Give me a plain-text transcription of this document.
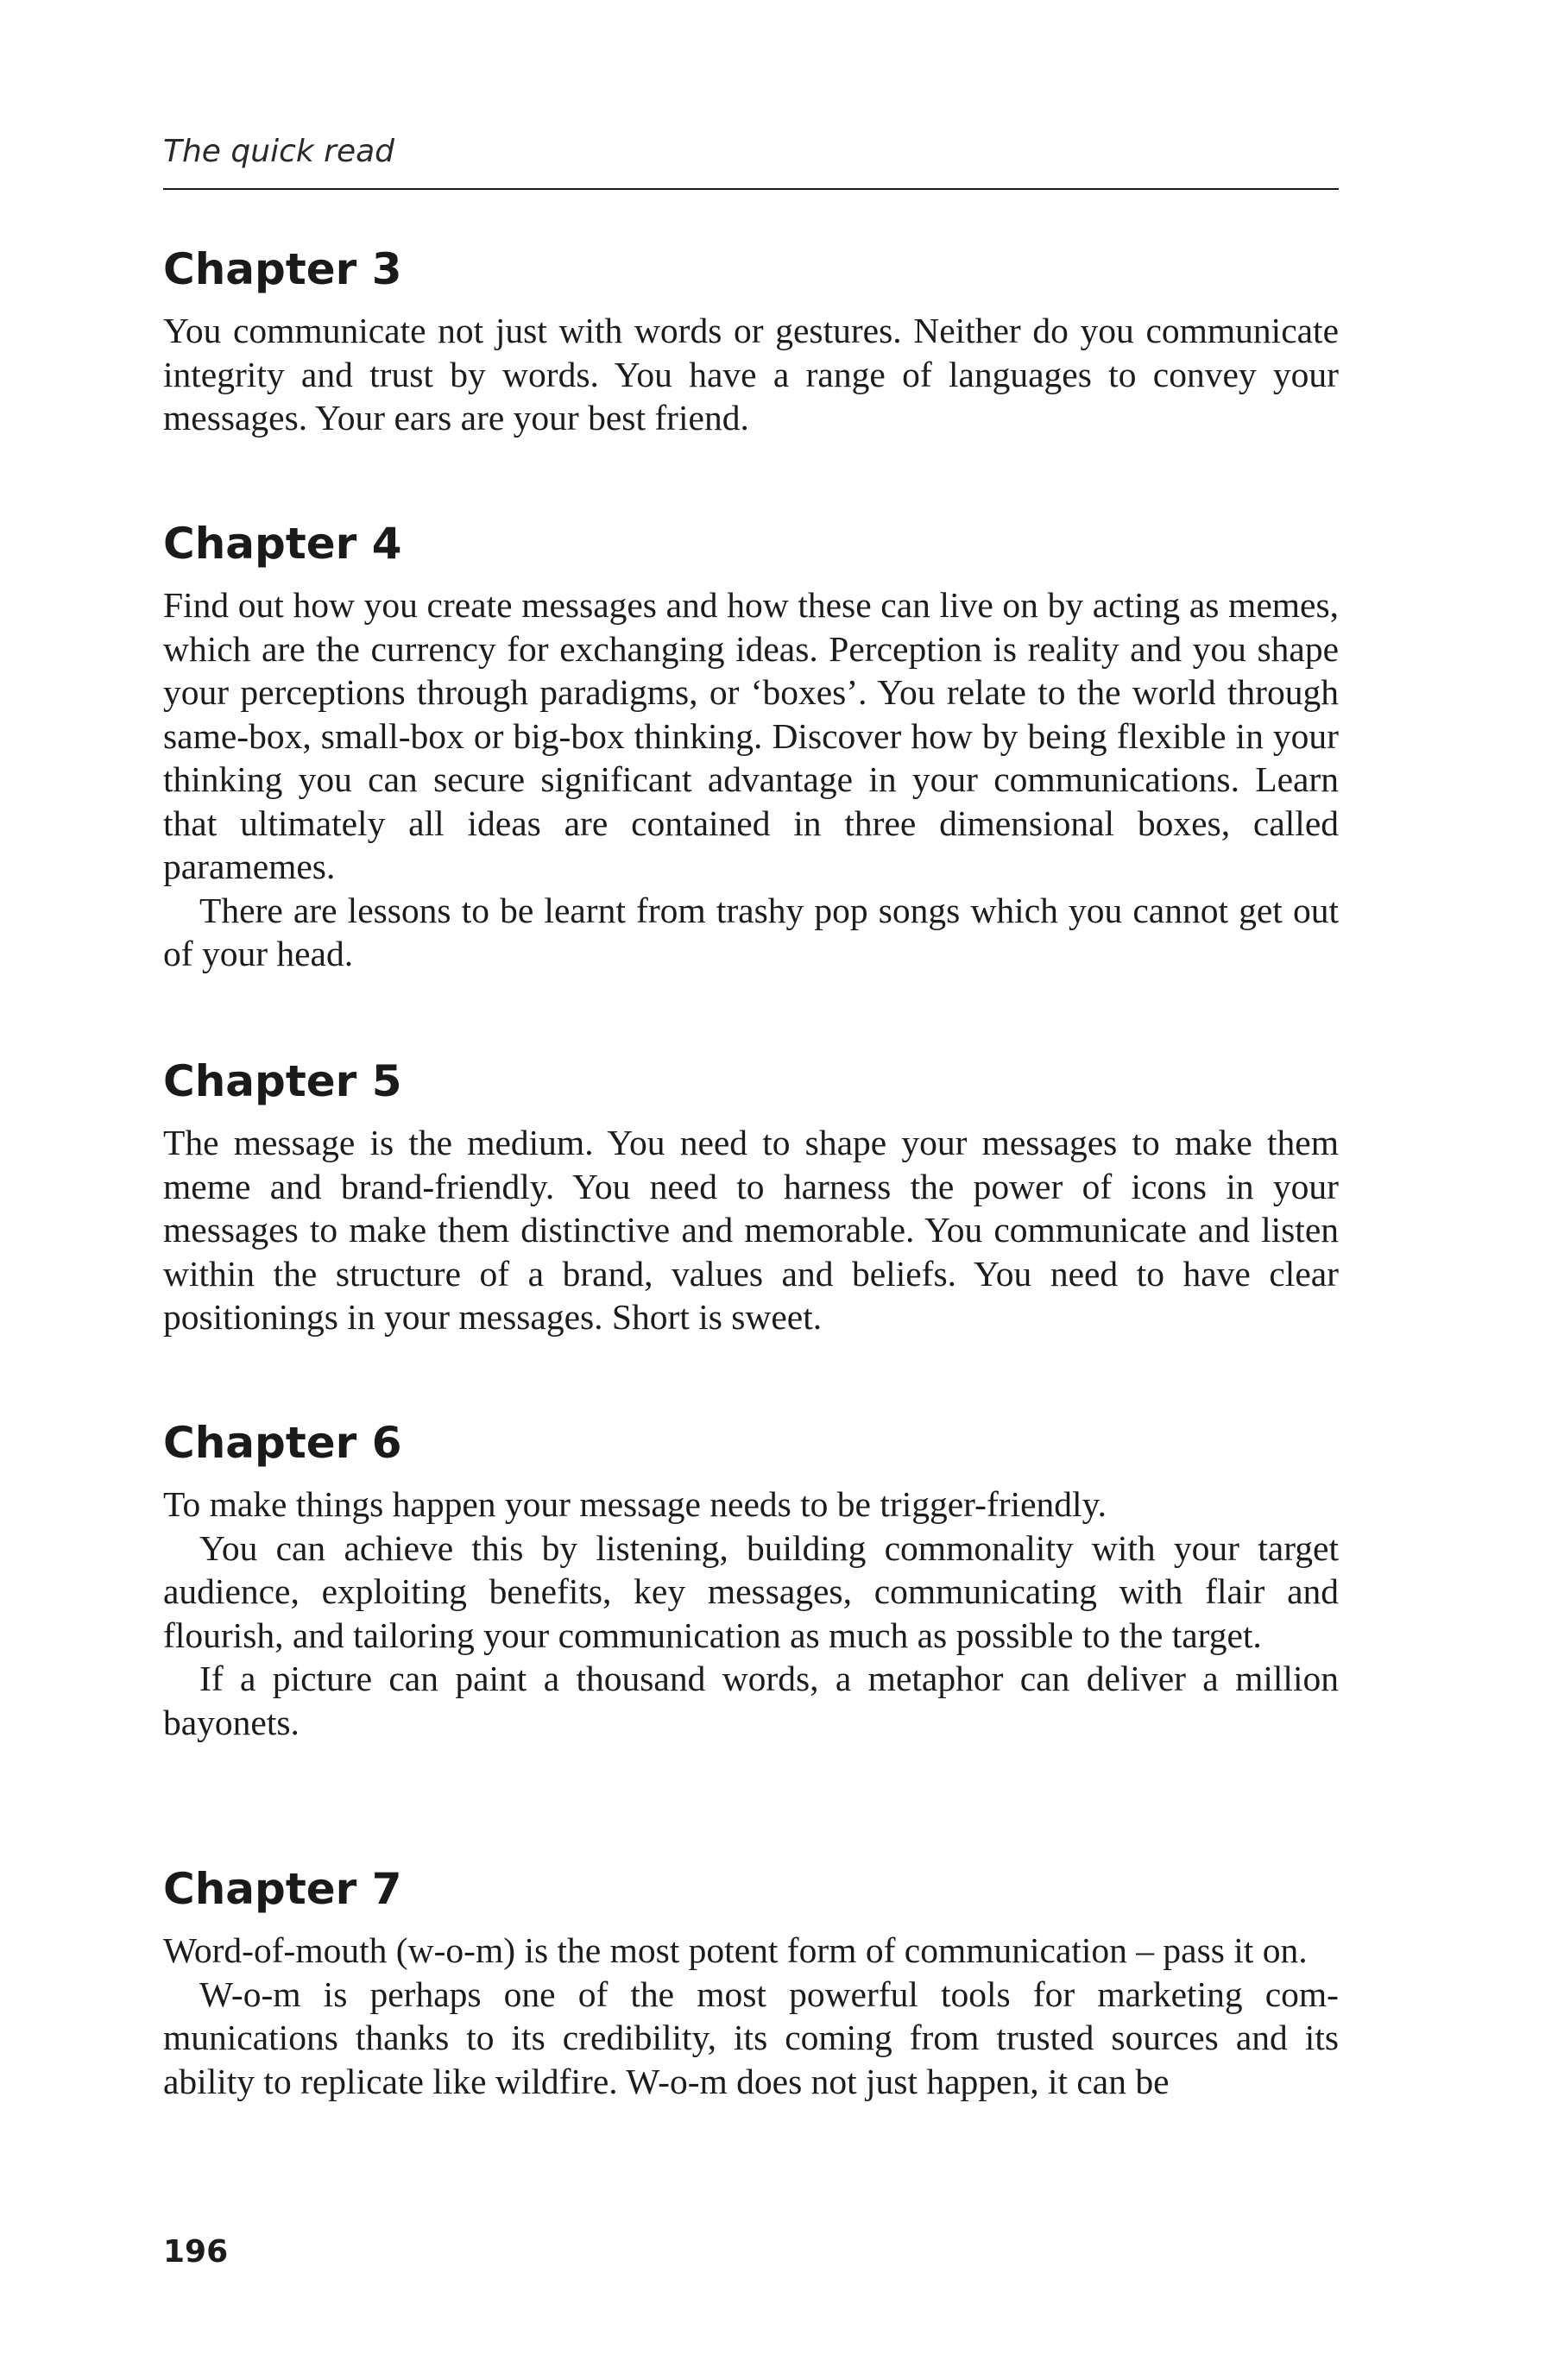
The quick read

Chapter 3

You communicate not just with words or gestures. Neither do you communicate integrity and trust by words. You have a range of languages to convey your messages. Your ears are your best friend.

Chapter 4

Find out how you create messages and how these can live on by acting as memes, which are the currency for exchanging ideas. Perception is reality and you shape your perceptions through paradigms, or ‘boxes’. You relate to the world through same-box, small-box or big-box thinking. Discover how by being flexible in your thinking you can secure significant advantage in your communications. Learn that ultimately all ideas are contained in three dimensional boxes, called paramemes.

There are lessons to be learnt from trashy pop songs which you cannot get out of your head.

Chapter 5

The message is the medium. You need to shape your messages to make them meme and brand-friendly. You need to harness the power of icons in your messages to make them distinctive and memorable. You communicate and listen within the structure of a brand, values and beliefs. You need to have clear positionings in your messages. Short is sweet.

Chapter 6

To make things happen your message needs to be trigger-friendly.

You can achieve this by listening, building commonality with your target audience, exploiting benefits, key messages, communicating with flair and flourish, and tailoring your communication as much as possible to the target.

If a picture can paint a thousand words, a metaphor can deliver a million bayonets.

Chapter 7

Word-of-mouth (w-o-m) is the most potent form of communication – pass it on.

W-o-m is perhaps one of the most powerful tools for marketing communications thanks to its credibility, its coming from trusted sources and its ability to replicate like wildfire. W-o-m does not just happen, it can be

196
